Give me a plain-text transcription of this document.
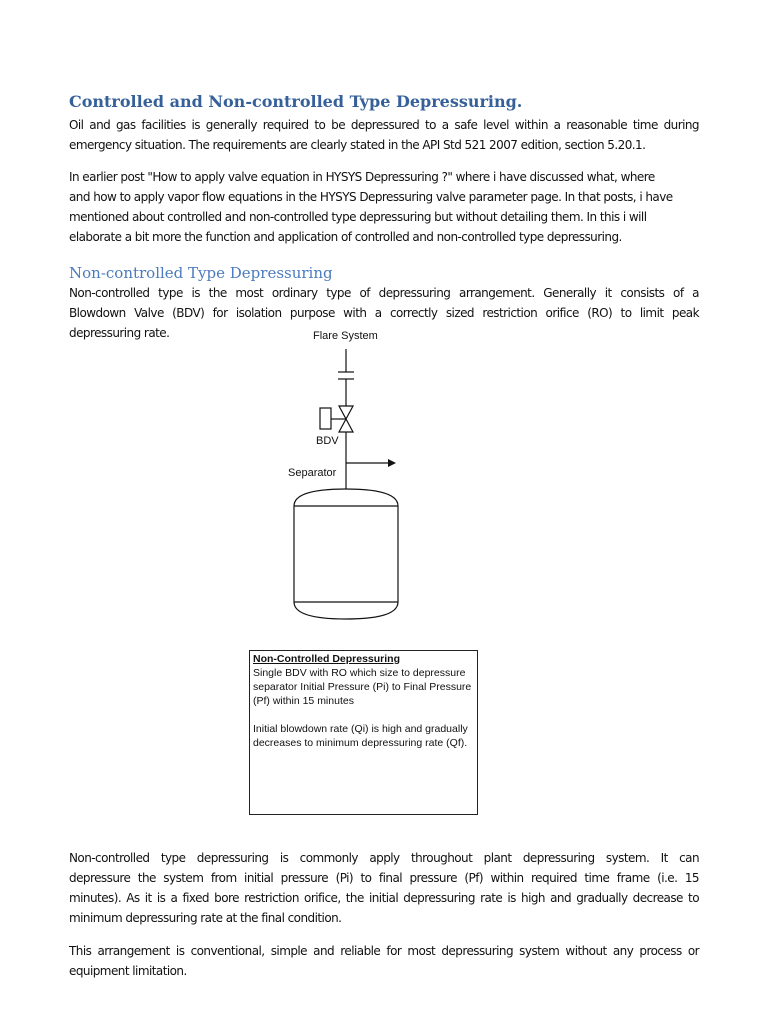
Controlled and Non-controlled Type Depressuring.

Oil and gas facilities is generally required to be depressured to a safe level within a reasonable time during
emergency situation. The requirements are clearly stated in the API Std 521 2007 edition, section 5.20.1.

In earlier post "How to apply valve equation in HYSYS Depressuring ?" where i have discussed what, where
and how to apply vapor flow equations in the HYSYS Depressuring valve parameter page. In that posts, i have
mentioned about controlled and non-controlled type depressuring but without detailing them. In this i will
elaborate a bit more the function and application of controlled and non-controlled type depressuring.

Non-controlled Type Depressuring

Non-controlled type is the most ordinary type of depressuring arrangement. Generally it consists of a
Blowdown Valve (BDV) for isolation purpose with a correctly sized restriction orifice (RO) to limit peak
depressuring rate.	Flare System
BDV
Separator
Non-Controlled Depressuring
Single BDV with RO which size to depressure
separator Initial Pressure (Pi) to Final Pressure
(Pf) within 15 minutes
Initial blowdown rate (Qi) is high and gradually
decreases to minimum depressuring rate (Qf).

Non-controlled type depressuring is commonly apply throughout plant depressuring system. It can
depressure the system from initial pressure (Pi) to final pressure (Pf) within required time frame (i.e. 15
minutes). As it is a fixed bore restriction orifice, the initial depressuring rate is high and gradually decrease to
minimum depressuring rate at the final condition.

This arrangement is conventional, simple and reliable for most depressuring system without any process or
equipment limitation.
